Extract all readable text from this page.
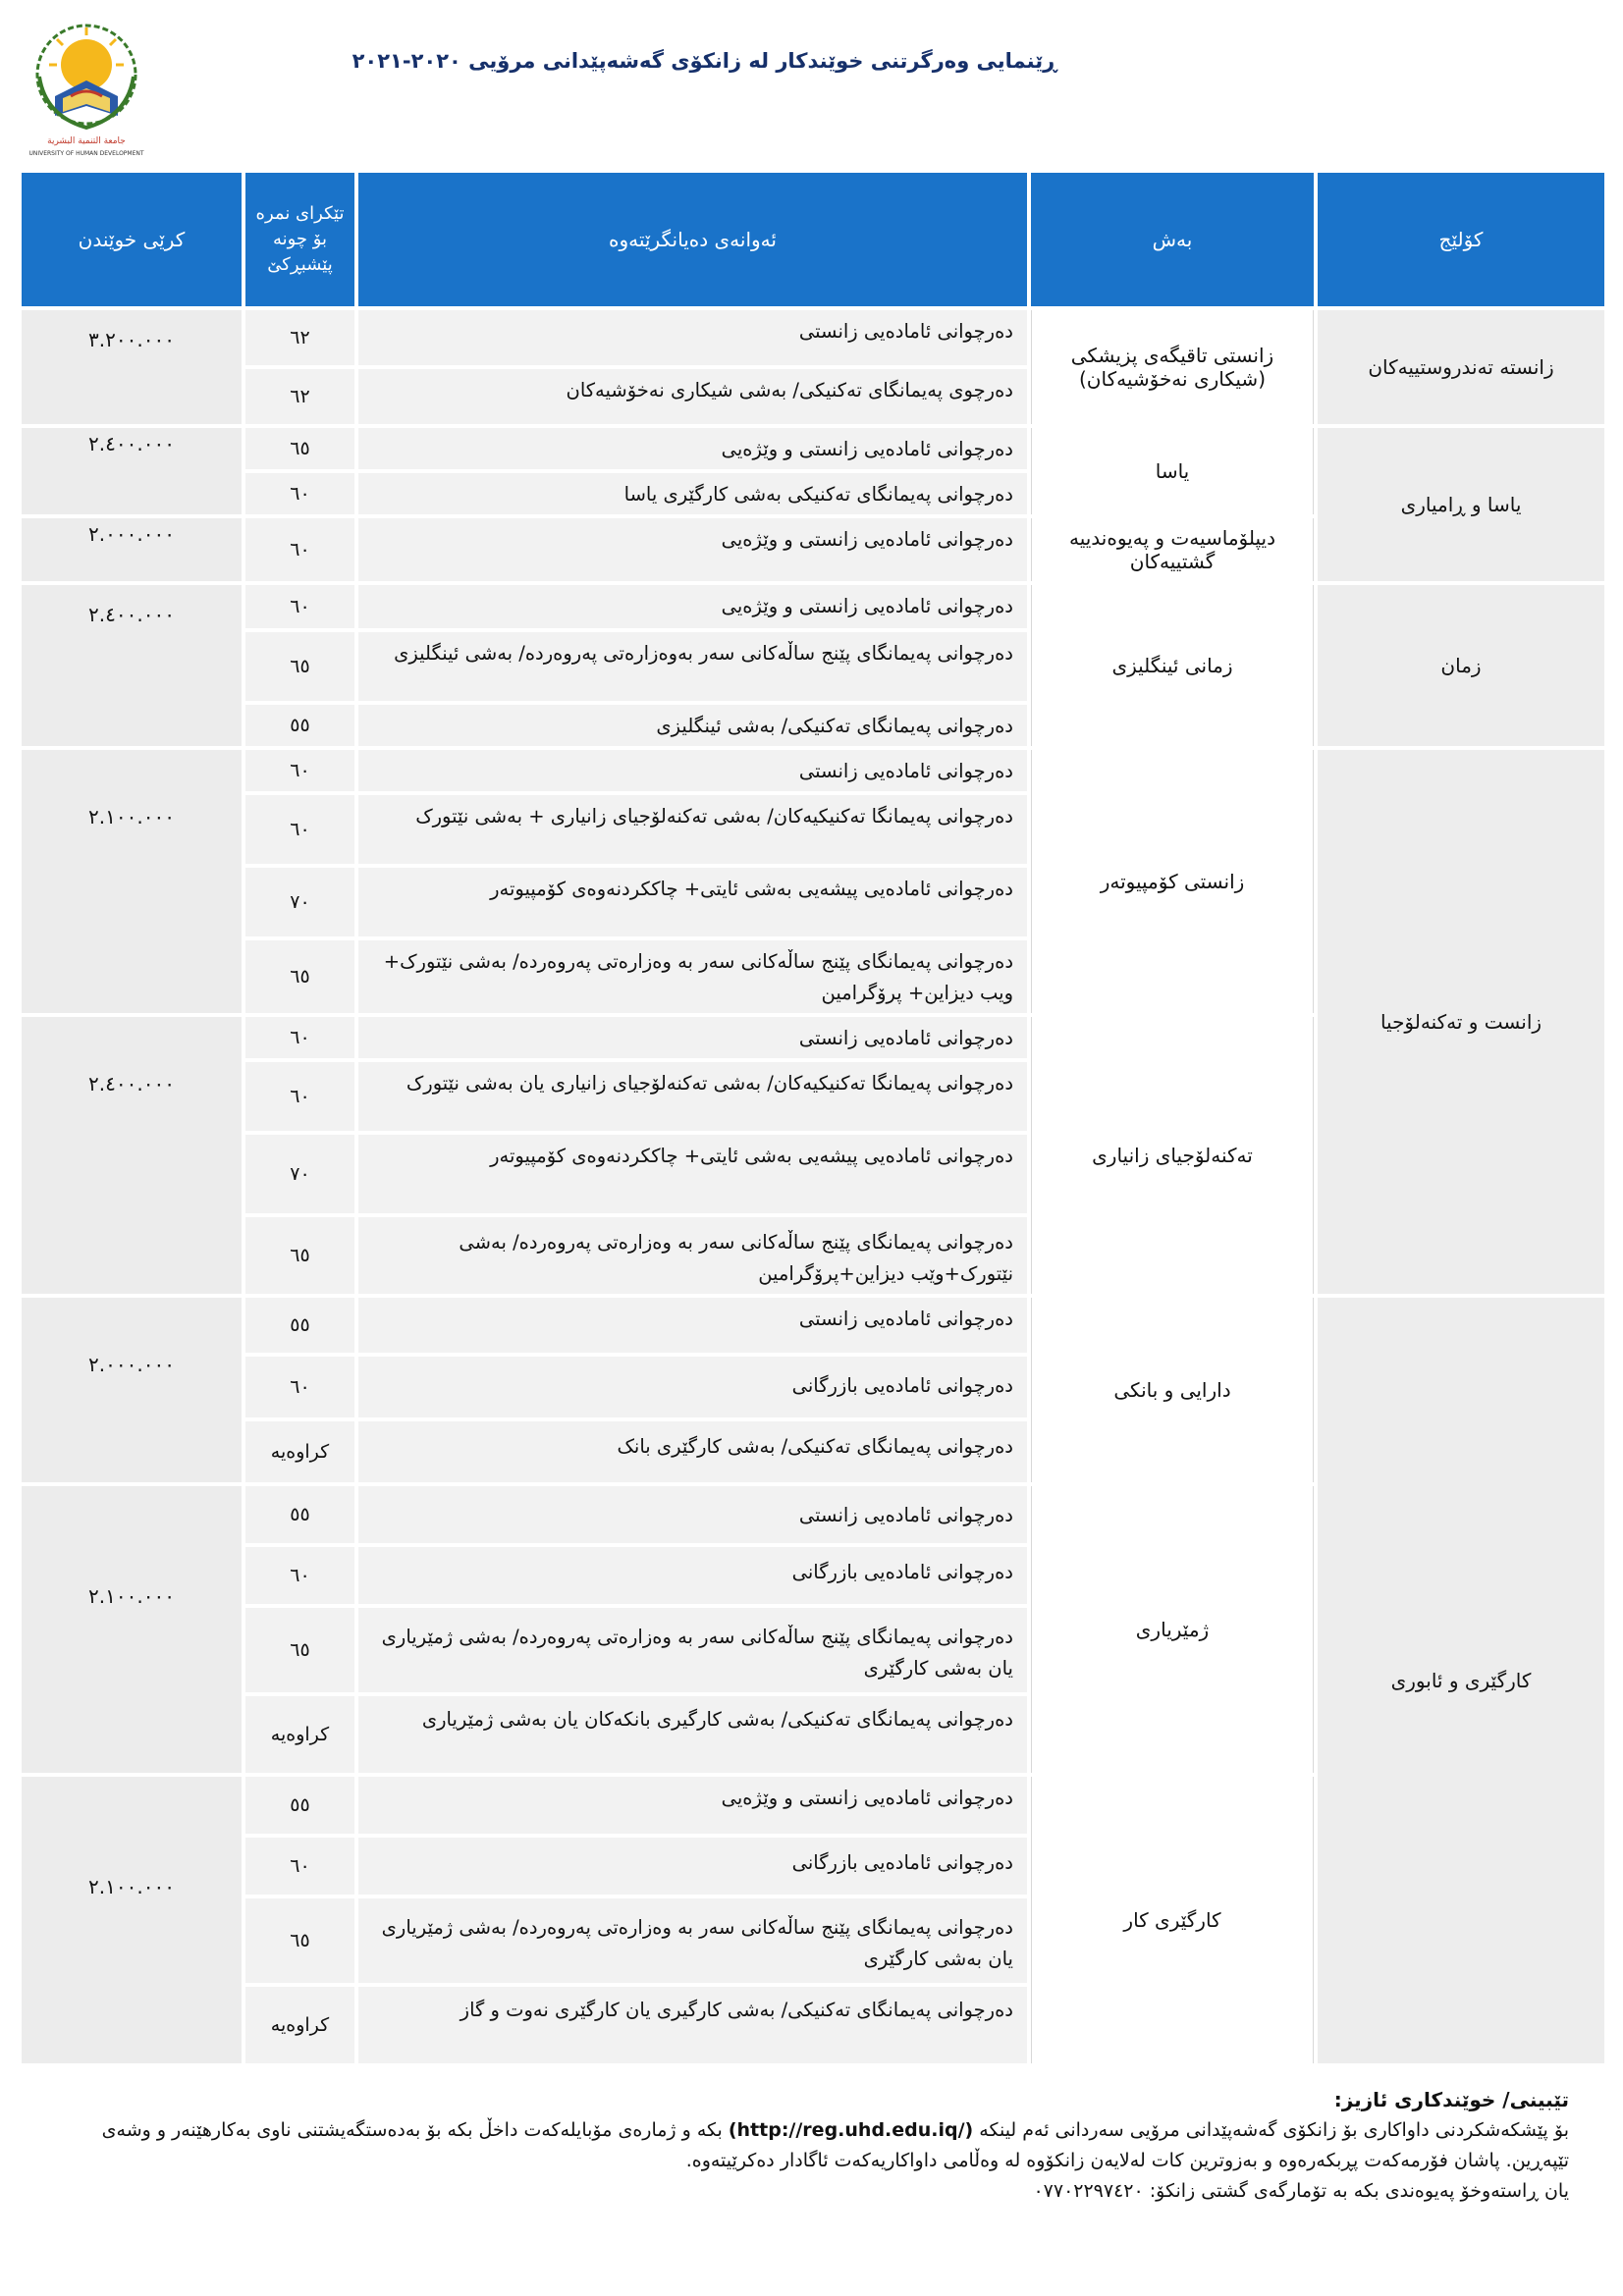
جامعة التنمية البشرية
UNIVERSITY OF HUMAN DEVELOPMENT
ڕێنمایی وەرگرتنی خوێندکار لە زانکۆی گەشەپێدانی مرۆیی ٢٠٢٠-٢٠٢١
کۆلێج	بەش	ئەوانەی دەیانگرێتەوە	تێکرای نمرە بۆ چونە پێشبڕکێ	کرێی خوێندن
زانستە تەندروستییەکان	زانستی تاقیگەی پزیشکی (شیکاری نەخۆشیەکان)	دەرچوانی ئامادەیی زانستی	٦٢	٣.٢٠٠.٠٠٠
		دەرچوی پەیمانگای تەکنیکی/ بەشی شیکاری نەخۆشیەکان	٦٢	
یاسا و ڕامیاری	یاسا	دەرچوانی ئامادەیی زانستی و وێژەیی	٦٥	٢.٤٠٠.٠٠٠
		دەرچوانی پەیمانگای تەکنیکی بەشی کارگێری یاسا	٦٠	
	دیپلۆماسیەت و پەیوەندییە گشتییەکان	دەرچوانی ئامادەیی زانستی و وێژەیی	٦٠	٢.٠٠٠.٠٠٠
زمان	زمانی ئینگلیزی	دەرچوانی ئامادەیی زانستی و وێژەیی	٦٠	٢.٤٠٠.٠٠٠
		دەرچوانی پەیمانگای پێنج ساڵەکانی سەر بەوەزارەتی پەروەردە/ بەشی ئینگلیزی	٦٥	
		دەرچوانی پەیمانگای تەکنیکی/ بەشی ئینگلیزی	٥٥	
زانست و تەکنەلۆجیا	زانستی کۆمپیوتەر	دەرچوانی ئامادەیی زانستی	٦٠	٢.١٠٠.٠٠٠
		دەرچوانی پەیمانگا تەکنیکیەکان/ بەشی تەکنەلۆجیای زانیاری + بەشی نێتورک	٦٠	
		دەرچوانی ئامادەیی پیشەیی بەشی ئایتی+ چاککردنەوەی کۆمپیوتەر	٧٠	
		دەرچوانی پەیمانگای پێنج ساڵەکانی سەر بە وەزارەتی پەروەردە/ بەشی نێتورک+ ویب دیزاین+ پرۆگرامین	٦٥	
	تەکنەلۆجیای زانیاری	دەرچوانی ئامادەیی زانستی	٦٠	٢.٤٠٠.٠٠٠
		دەرچوانی پەیمانگا تەکنیکیەکان/ بەشی تەکنەلۆجیای زانیاری یان بەشی نێتورک	٦٠	
		دەرچوانی ئامادەیی پیشەیی بەشی ئایتی+ چاککردنەوەی کۆمپیوتەر	٧٠	
		دەرچوانی پەیمانگای پێنج ساڵەکانی سەر بە وەزارەتی پەروەردە/ بەشی نێتورک+وێب دیزاین+پرۆگرامین	٦٥	
کارگێری و ئابوری	دارایی و بانکی	دەرچوانی ئامادەیی زانستی	٥٥	٢.٠٠٠.٠٠٠
		دەرچوانی ئامادەیی بازرگانی	٦٠	
		دەرچوانی پەیمانگای تەکنیکی/ بەشی کارگێری بانک	کراوەیە	
	ژمێریاری	دەرچوانی ئامادەیی زانستی	٥٥	٢.١٠٠.٠٠٠
		دەرچوانی ئامادەیی بازرگانی	٦٠	
		دەرچوانی پەیمانگای پێنج ساڵەکانی سەر بە وەزارەتی پەروەردە/ بەشی ژمێریاری یان بەشی کارگێری	٦٥	
		دەرچوانی پەیمانگای تەکنیکی/ بەشی کارگیری بانکەکان یان بەشی ژمێریاری	کراوەیە	
	کارگێری کار	دەرچوانی ئامادەیی زانستی و وێژەیی	٥٥	٢.١٠٠.٠٠٠
		دەرچوانی ئامادەیی بازرگانی	٦٠	
		دەرچوانی پەیمانگای پێنج ساڵەکانی سەر بە وەزارەتی پەروەردە/ بەشی ژمێریاری یان بەشی کارگێری	٦٥	
		دەرچوانی پەیمانگای تەکنیکی/ بەشی کارگیری یان کارگێری نەوت و گاز	کراوەیە	
تێبینی/ خوێندکاری ئازیز:
بۆ پێشکەشکردنی داواکاری بۆ زانکۆی گەشەپێدانی مرۆیی سەردانی ئەم لینکە (http://reg.uhd.edu.iq/) بکە و ژمارەی مۆبایلەکەت داخڵ بکە بۆ بەدەستگەیشتنی ناوی بەکارهێنەر و وشەی تێپەڕین. پاشان فۆرمەکەت پڕبکەرەوە و بەزوترین کات لەلایەن زانکۆوە لە وەڵامی داواکاریەکەت ئاگادار دەکرێیتەوە.
یان ڕاستەوخۆ پەیوەندی بکە بە تۆمارگەی گشتی زانکۆ: ٠٧٧٠٢٢٩٧٤٢٠
